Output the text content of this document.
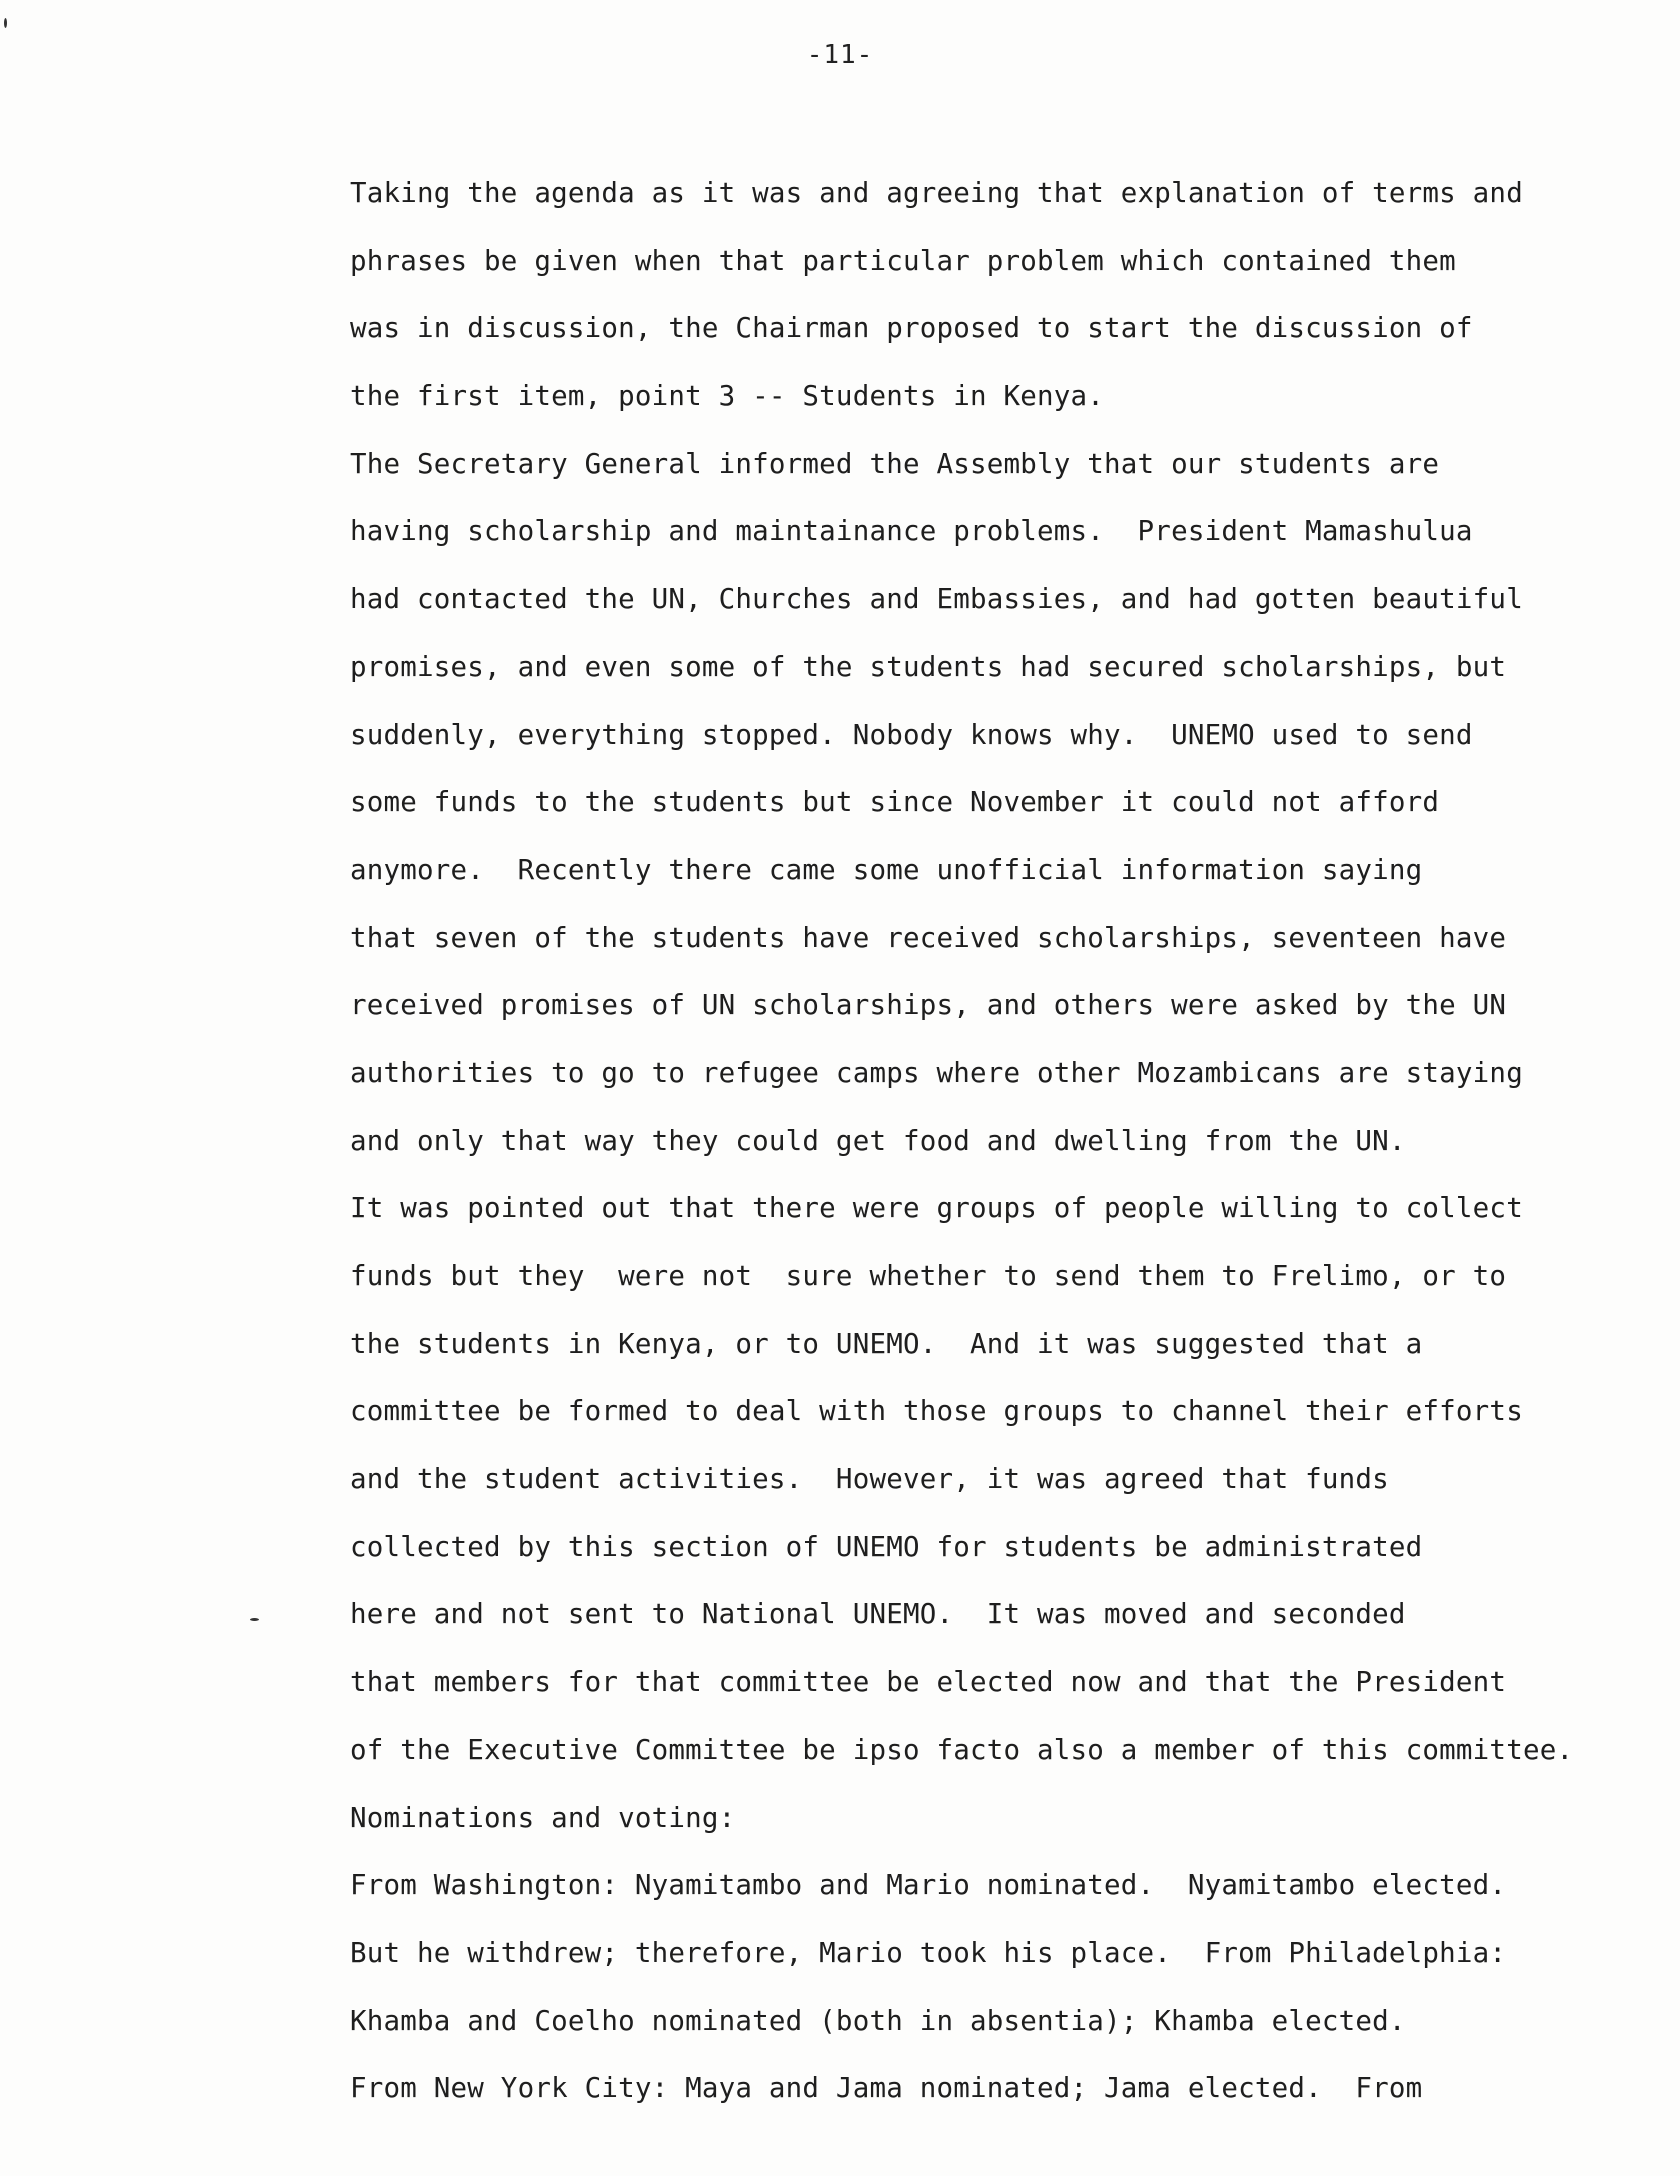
-11-
Taking the agenda as it was and agreeing that explanation of terms and
phrases be given when that particular problem which contained them
was in discussion, the Chairman proposed to start the discussion of
the first item, point 3 -- Students in Kenya.
The Secretary General informed the Assembly that our students are
having scholarship and maintainance problems.  President Mamashulua
had contacted the UN, Churches and Embassies, and had gotten beautiful
promises, and even some of the students had secured scholarships, but
suddenly, everything stopped. Nobody knows why.  UNEMO used to send
some funds to the students but since November it could not afford
anymore.  Recently there came some unofficial information saying
that seven of the students have received scholarships, seventeen have
received promises of UN scholarships, and others were asked by the UN
authorities to go to refugee camps where other Mozambicans are staying
and only that way they could get food and dwelling from the UN.
It was pointed out that there were groups of people willing to collect
funds but they  were not  sure whether to send them to Frelimo, or to
the students in Kenya, or to UNEMO.  And it was suggested that a
committee be formed to deal with those groups to channel their efforts
and the student activities.  However, it was agreed that funds
collected by this section of UNEMO for students be administrated
here and not sent to National UNEMO.  It was moved and seconded
that members for that committee be elected now and that the President
of the Executive Committee be ipso facto also a member of this committee.
Nominations and voting:
From Washington: Nyamitambo and Mario nominated.  Nyamitambo elected.
But he withdrew; therefore, Mario took his place.  From Philadelphia:
Khamba and Coelho nominated (both in absentia); Khamba elected.
From New York City: Maya and Jama nominated; Jama elected.  From
